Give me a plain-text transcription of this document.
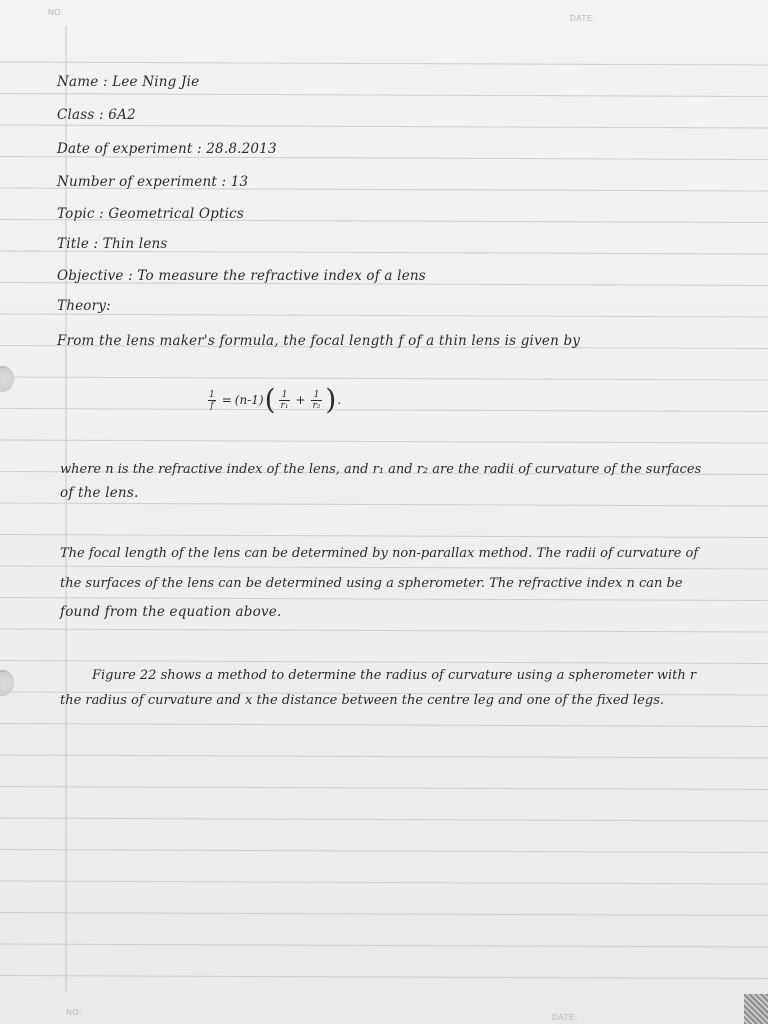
NO:
DATE:
NO:
DATE:
Name : Lee Ning Jie
Class : 6A2
Date of experiment : 28.8.2013
Number of experiment : 13
Topic : Geometrical Optics
Title : Thin lens
Objective : To measure the refractive index of a lens
Theory:
From the lens maker's formula, the focal length f of a thin lens is given by
$\frac{1}{f} = (n-1)$ ( $\frac{1}{\text{r₁}} + \frac{1}{\text{r₂}}$ ) .
where n is the refractive index of the lens, and r₁ and r₂ are the radii of curvature of the surfaces
of the lens.
The focal length of the lens can be determined by non-parallax method. The radii of curvature of
the surfaces of the lens can be determined using a spherometer. The refractive index n can be
found from the equation above.
Figure 22 shows a method to determine the radius of curvature using a spherometer with r
the radius of curvature and x the distance between the centre leg and one of the fixed legs.
